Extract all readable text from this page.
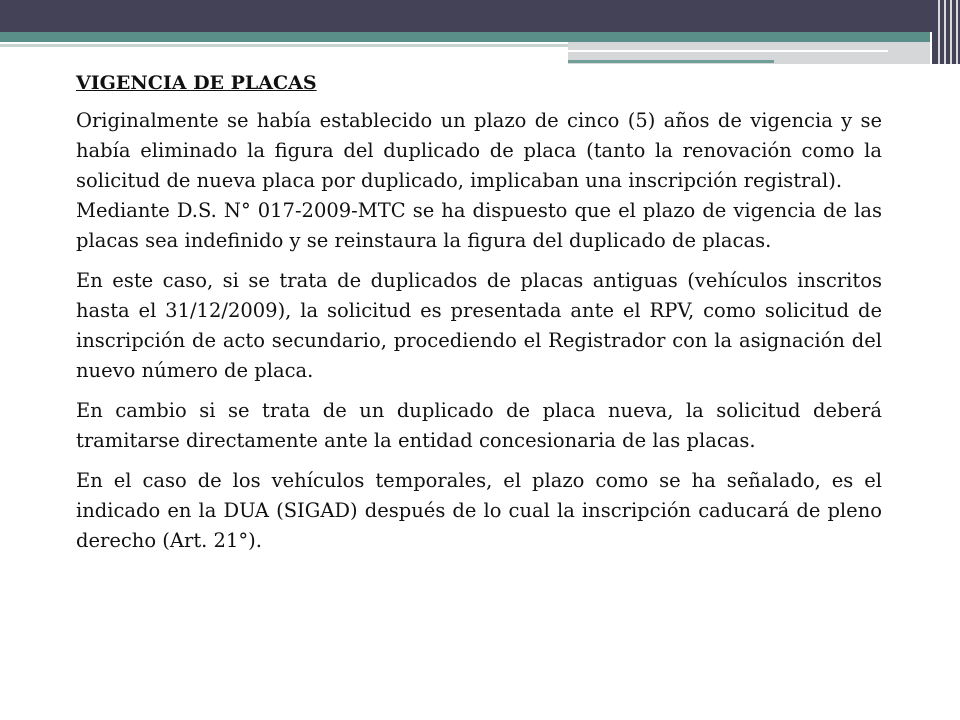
VIGENCIA DE PLACAS

Originalmente se había establecido un plazo de cinco (5) años de vigencia y se había eliminado la figura del duplicado de placa (tanto la renovación como la solicitud de nueva placa por duplicado, implicaban una inscripción registral).

Mediante D.S. N° 017-2009-MTC se ha dispuesto que el plazo de vigencia de las placas sea indefinido y se reinstaura la figura del duplicado de placas.

En este caso, si se trata de duplicados de placas antiguas (vehículos inscritos hasta el 31/12/2009), la solicitud es presentada ante el RPV, como solicitud de inscripción de acto secundario, procediendo el Registrador con la asignación del nuevo número de placa.

En cambio si se trata de un duplicado de placa nueva, la solicitud deberá tramitarse directamente ante la entidad concesionaria de las placas.

En el caso de los vehículos temporales, el plazo como se ha señalado, es el indicado en la DUA (SIGAD) después de lo cual la inscripción caducará de pleno derecho (Art. 21°).
